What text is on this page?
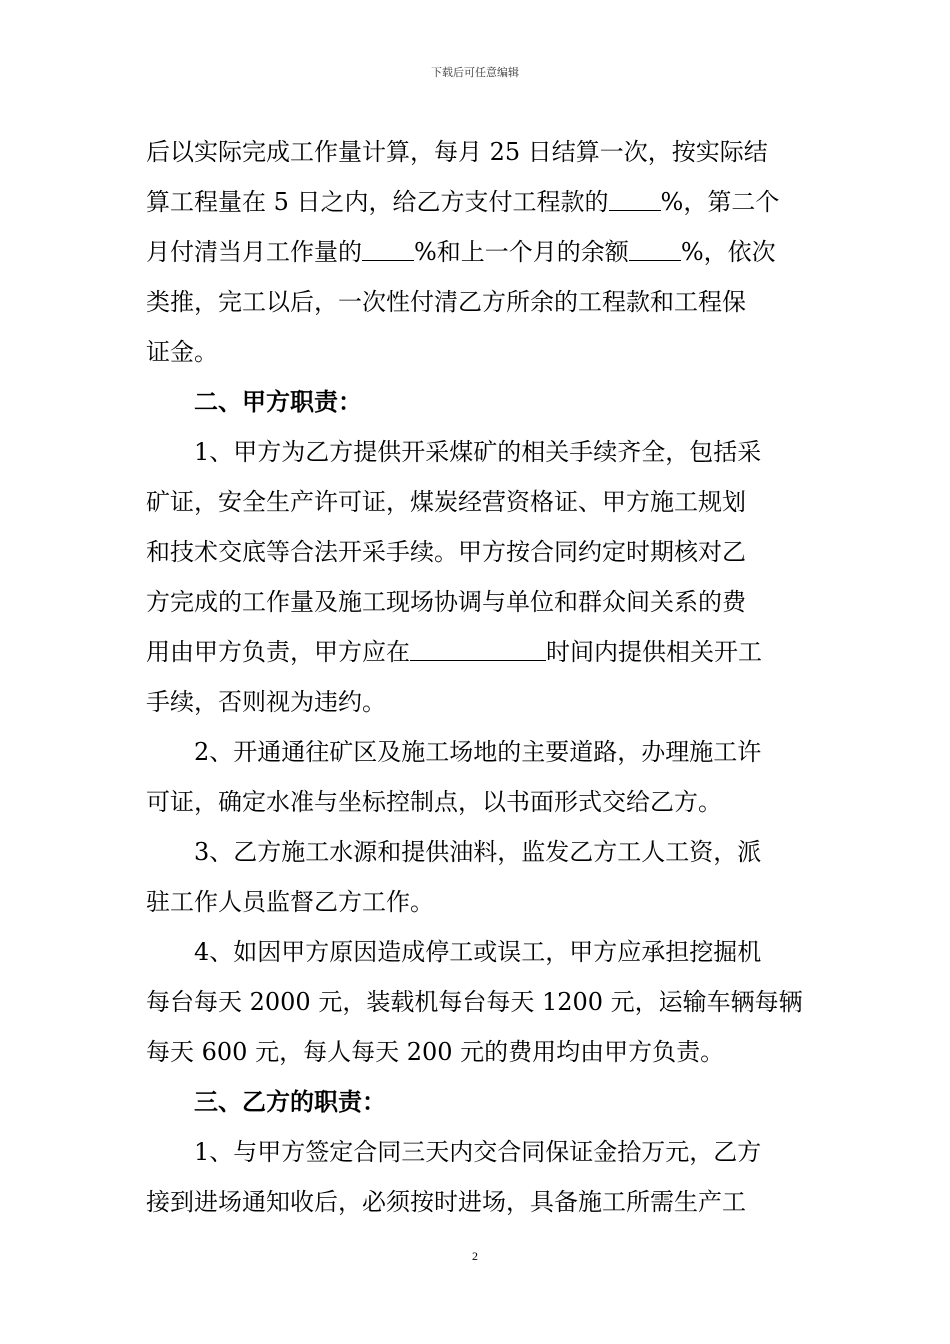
下载后可任意编辑
后以实际完成工作量计算，每月 25 日结算一次，按实际结
算工程量在 5 日之内，给乙方支付工程款的 %，第二个
月付清当月工作量的 %和上一个月的余额 %，依次
类推，完工以后，一次性付清乙方所余的工程款和工程保
证金。
二、甲方职责：
1、甲方为乙方提供开采煤矿的相关手续齐全，包括采
矿证，安全生产许可证，煤炭经营资格证、甲方施工规划
和技术交底等合法开采手续。甲方按合同约定时期核对乙
方完成的工作量及施工现场协调与单位和群众间关系的费
用由甲方负责，甲方应在	时间内提供相关开工
手续，否则视为违约。
2、开通通往矿区及施工场地的主要道路，办理施工许
可证，确定水准与坐标控制点，以书面形式交给乙方。
3、乙方施工水源和提供油料，监发乙方工人工资，派
驻工作人员监督乙方工作。
4、如因甲方原因造成停工或误工，甲方应承担挖掘机
每台每天 2000 元，装载机每台每天 1200 元，运输车辆每辆
每天 600 元，每人每天 200 元的费用均由甲方负责。
三、乙方的职责：
1、与甲方签定合同三天内交合同保证金拾万元，乙方
接到进场通知收后，必须按时进场，具备施工所需生产工
2
